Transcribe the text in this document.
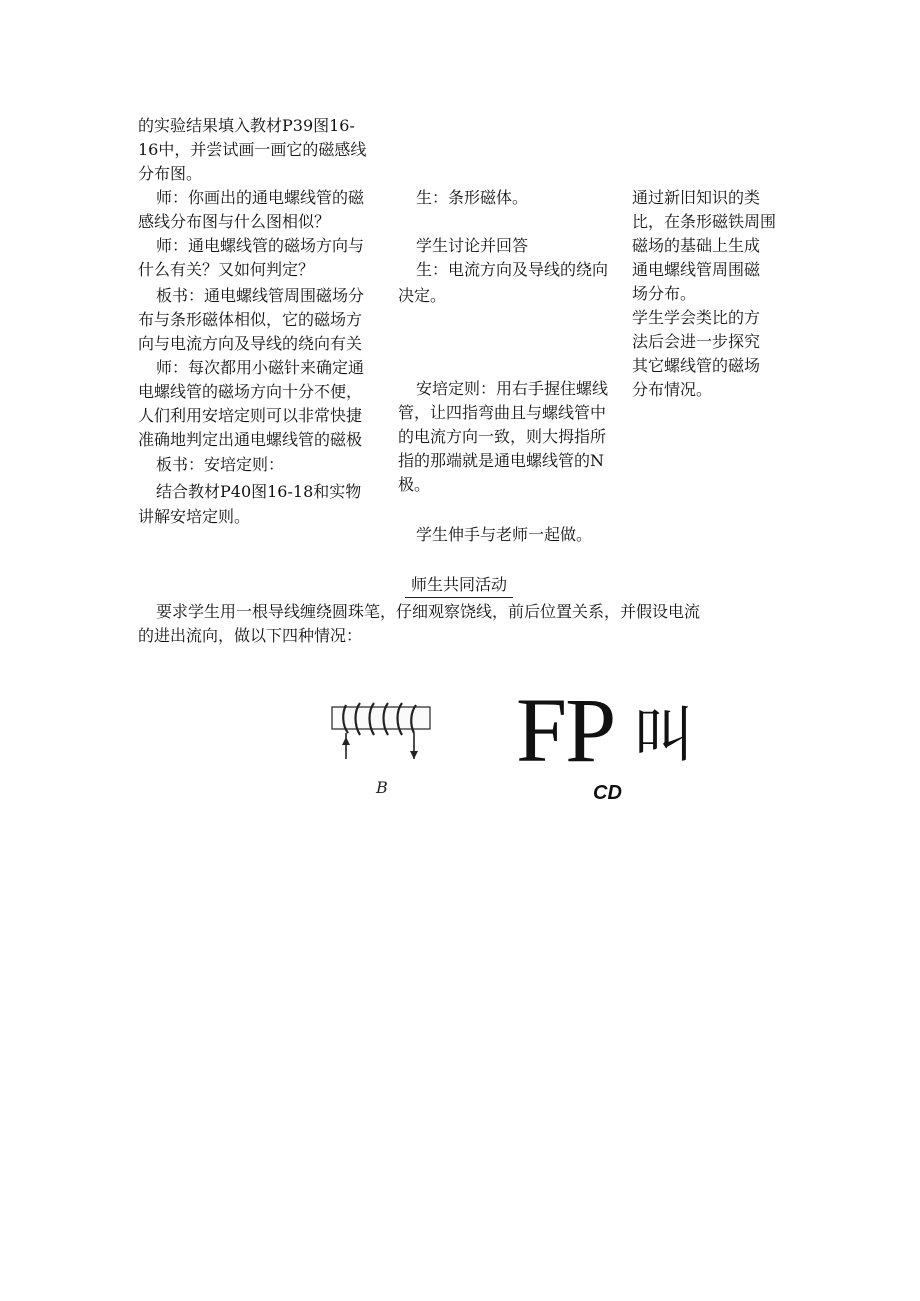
的实验结果填入教材P39图16-
16中，并尝试画一画它的磁感线
分布图。
师：你画出的通电螺线管的磁
感线分布图与什么图相似？
师：通电螺线管的磁场方向与
什么有关？又如何判定？
板书：通电螺线管周围磁场分
布与条形磁体相似，它的磁场方
向与电流方向及导线的绕向有关
师：每次都用小磁针来确定通
电螺线管的磁场方向十分不便，
人们利用安培定则可以非常快捷
准确地判定出通电螺线管的磁极
板书：安培定则：
结合教材P40图16-18和实物
讲解安培定则。
生：条形磁体。
学生讨论并回答
生：电流方向及导线的绕向
决定。
安培定则：用右手握住螺线
管，让四指弯曲且与螺线管中
的电流方向一致，则大拇指所
指的那端就是通电螺线管的N
极。
学生伸手与老师一起做。
通过新旧知识的类
比，在条形磁铁周围
磁场的基础上生成
通电螺线管周围磁
场分布。
学生学会类比的方
法后会进一步探究
其它螺线管的磁场
分布情况。
师生共同活动
要求学生用一根导线缠绕圆珠笔，仔细观察饶线，前后位置关系，并假设电流
的进出流向，做以下四种情况：
B
FP 叫
CD
